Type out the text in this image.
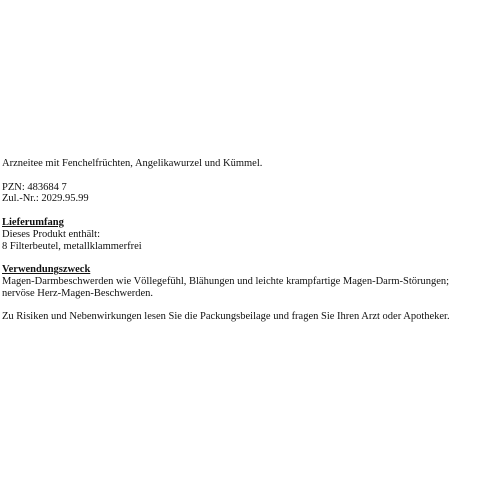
Arzneitee mit Fenchelfrüchten, Angelikawurzel und Kümmel.
PZN: 483684 7
Zul.-Nr.: 2029.95.99
Lieferumfang
Dieses Produkt enthält:
8 Filterbeutel, metallklammerfrei
Verwendungszweck
Magen-Darmbeschwerden wie Völlegefühl, Blähungen und leichte krampfartige Magen-Darm-Störungen;
nervöse Herz-Magen-Beschwerden.
Zu Risiken und Nebenwirkungen lesen Sie die Packungsbeilage und fragen Sie Ihren Arzt oder Apotheker.
